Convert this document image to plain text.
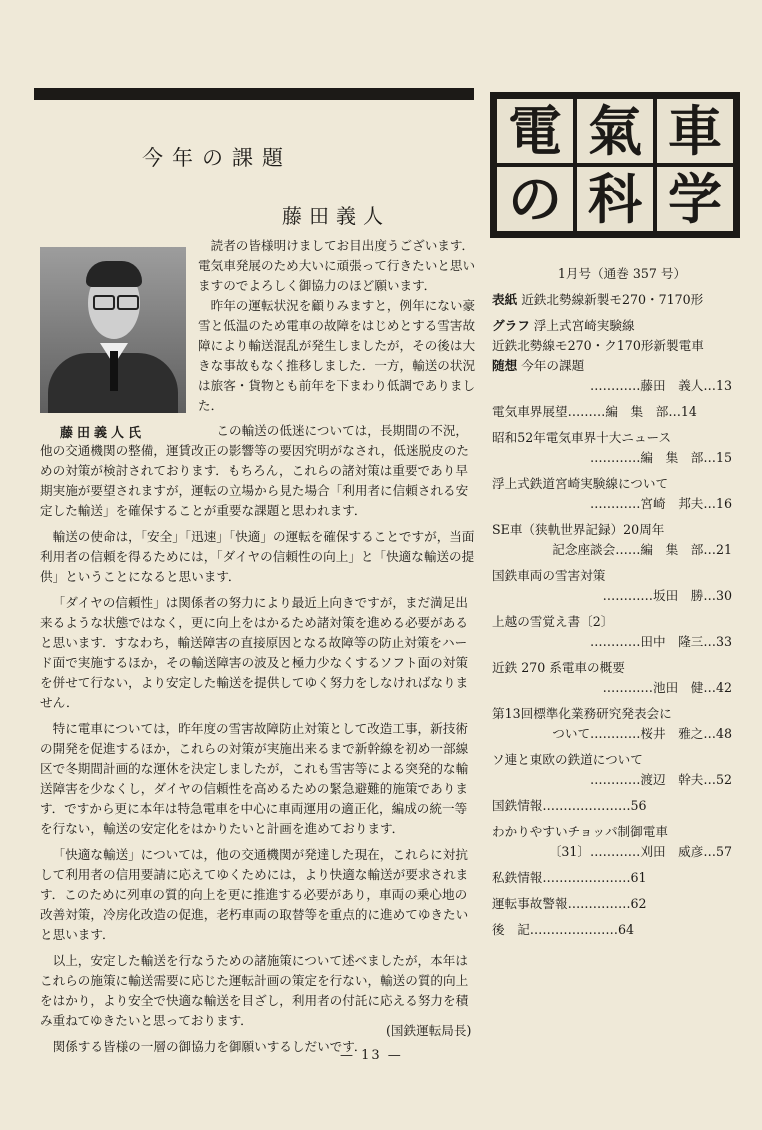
今年の課題
藤田義人
藤田義人氏

読者の皆様明けましてお目出度うございます．電気車発展のため大いに頑張って行きたいと思いますのでよろしく御協力のほど願います．

昨年の運転状況を顧りみますと，例年にない豪雪と低温のため電車の故障をはじめとする雪害故障により輸送混乱が発生しましたが，その後は大きな事故もなく推移しました．一方，輸送の状況は旅客・貨物とも前年を下まわり低調でありました．

この輸送の低迷については，長期間の不況，他の交通機関の整備，運賃改正の影響等の要因究明がなされ，低迷脱皮のための対策が検討されております．もちろん，これらの諸対策は重要であり早期実施が要望されますが，運転の立場から見た場合「利用者に信頼される安定した輸送」を確保することが重要な課題と思われます．

輸送の使命は，「安全」「迅速」「快適」の運転を確保することですが，当面利用者の信頼を得るためには，「ダイヤの信頼性の向上」と「快適な輸送の提供」ということになると思います．

「ダイヤの信頼性」は関係者の努力により最近上向きですが，まだ満足出来るような状態ではなく，更に向上をはかるため諸対策を進める必要があると思います．すなわち，輸送障害の直接原因となる故障等の防止対策をハード面で実施するほか，その輸送障害の波及と極力少なくするソフト面の対策を併せて行ない，より安定した輸送を提供してゆく努力をしなければなりません．

特に電車については，昨年度の雪害故障防止対策として改造工事，新技術の開発を促進するほか，これらの対策が実施出来るまで新幹線を初め一部線区で冬期間計画的な運休を決定しましたが，これも雪害等による突発的な輸送障害を少なくし，ダイヤの信頼性を高めるための緊急避難的施策であります．ですから更に本年は特急電車を中心に車両運用の適正化，編成の統一等を行ない，輸送の安定化をはかりたいと計画を進めております．

「快適な輸送」については，他の交通機関が発達した現在，これらに対抗して利用者の信用要請に応えてゆくためには，より快適な輸送が要求されます．このために列車の質的向上を更に推進する必要があり，車両の乗心地の改善対策，冷房化改造の促進，老朽車両の取替等を重点的に進めてゆきたいと思います．

以上，安定した輸送を行なうための諸施策について述べましたが，本年はこれらの施策に輸送需要に応じた運転計画の策定を行ない，輸送の質的向上をはかり，より安全で快適な輸送を目ざし，利用者の付託に応える努力を積み重ねてゆきたいと思っております．

関係する皆様の一層の御協力を御願いするしだいです．

(国鉄運転局長)
— 13 —
電 氣 車
の 科 学
1月号（通巻 357 号）
表紙 近鉄北勢線新製モ270・7170形
グラフ 浮上式宮崎実験線
近鉄北勢線モ270・ク170形新製電車
随想 今年の課題
…………藤田　義人…13
電気車界展望………編　集　部…14
昭和52年電気車界十大ニュース
…………編　集　部…15
浮上式鉄道宮崎実験線について
…………宮崎　邦夫…16
SE車（狭軌世界記録）20周年
記念座談会……編　集　部…21
国鉄車両の雪害対策
…………坂田　勝…30
上越の雪覚え書〔2〕
…………田中　隆三…33
近鉄 270 系電車の概要
…………池田　健…42
第13回標準化業務研究発表会に
ついて…………桜井　雅之…48
ソ連と東欧の鉄道について
…………渡辺　幹夫…52
国鉄情報…………………56
わかりやすいチョッパ制御電車
〔31〕…………刈田　威彦…57
私鉄情報…………………61
運転事故警報……………62
後　記…………………64
